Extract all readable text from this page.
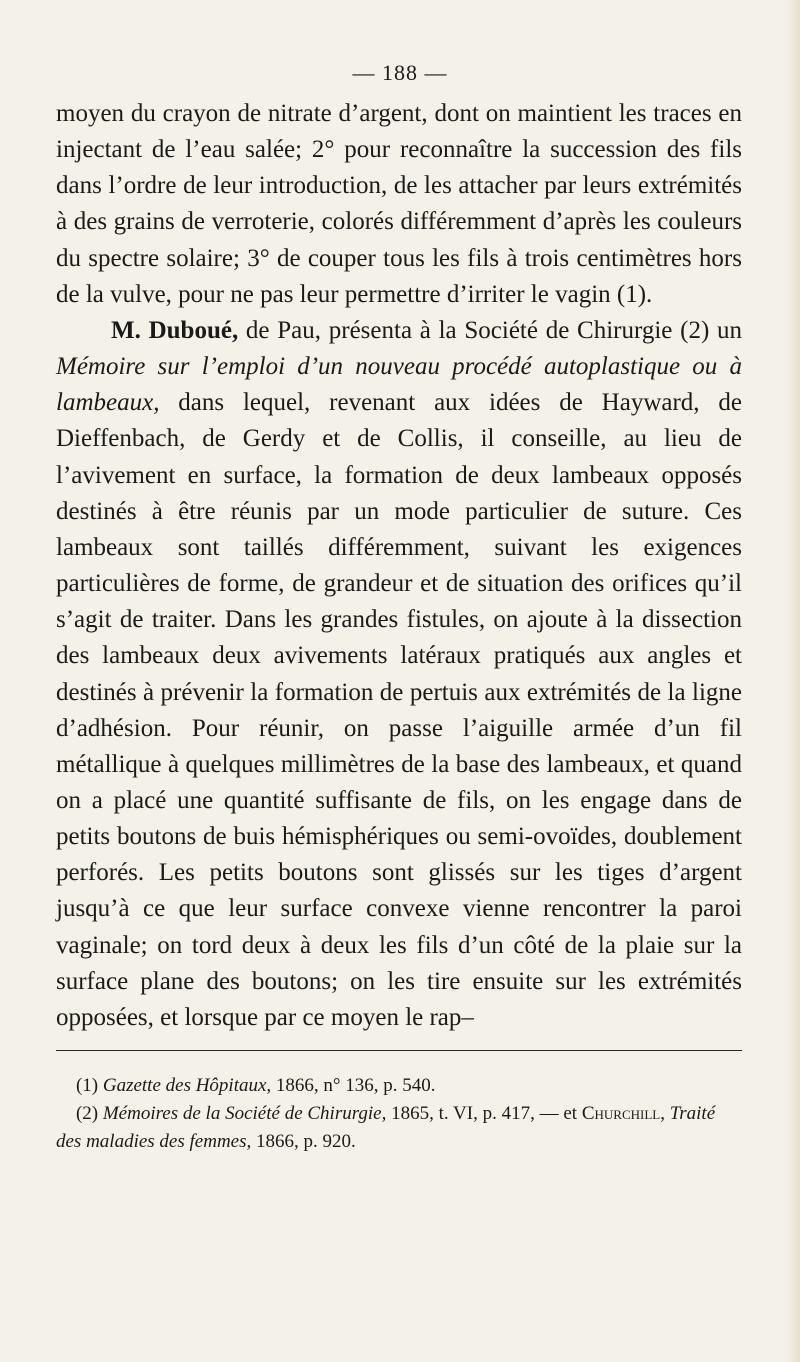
— 188 —

moyen du crayon de nitrate d’argent, dont on maintient les traces en injectant de l’eau salée; 2° pour reconnaître la succession des fils dans l’ordre de leur introduction, de les attacher par leurs extrémités à des grains de verroterie, colorés différemment d’après les couleurs du spectre solaire; 3° de couper tous les fils à trois centimètres hors de la vulve, pour ne pas leur permettre d’irriter le vagin (1).

M. Duboué, de Pau, présenta à la Société de Chirurgie (2) un Mémoire sur l’emploi d’un nouveau procédé autoplastique ou à lambeaux, dans lequel, revenant aux idées de Hayward, de Dieffenbach, de Gerdy et de Collis, il conseille, au lieu de l’avivement en surface, la formation de deux lambeaux opposés destinés à être réunis par un mode particulier de suture. Ces lambeaux sont taillés différemment, suivant les exigences particulières de forme, de grandeur et de situation des orifices qu’il s’agit de traiter. Dans les grandes fistules, on ajoute à la dissection des lambeaux deux avivements latéraux pratiqués aux angles et destinés à prévenir la formation de pertuis aux extrémités de la ligne d’adhésion. Pour réunir, on passe l’aiguille armée d’un fil métallique à quelques millimètres de la base des lambeaux, et quand on a placé une quantité suffisante de fils, on les engage dans de petits boutons de buis hémisphériques ou semi-ovoïdes, doublement perforés. Les petits boutons sont glissés sur les tiges d’argent jusqu’à ce que leur surface convexe vienne rencontrer la paroi vaginale; on tord deux à deux les fils d’un côté de la plaie sur la surface plane des boutons; on les tire ensuite sur les extrémités opposées, et lorsque par ce moyen le rap–

(1) Gazette des Hôpitaux, 1866, n° 136, p. 540.

(2) Mémoires de la Société de Chirurgie, 1865, t. VI, p. 417, — et Churchill, Traité des maladies des femmes, 1866, p. 920.
